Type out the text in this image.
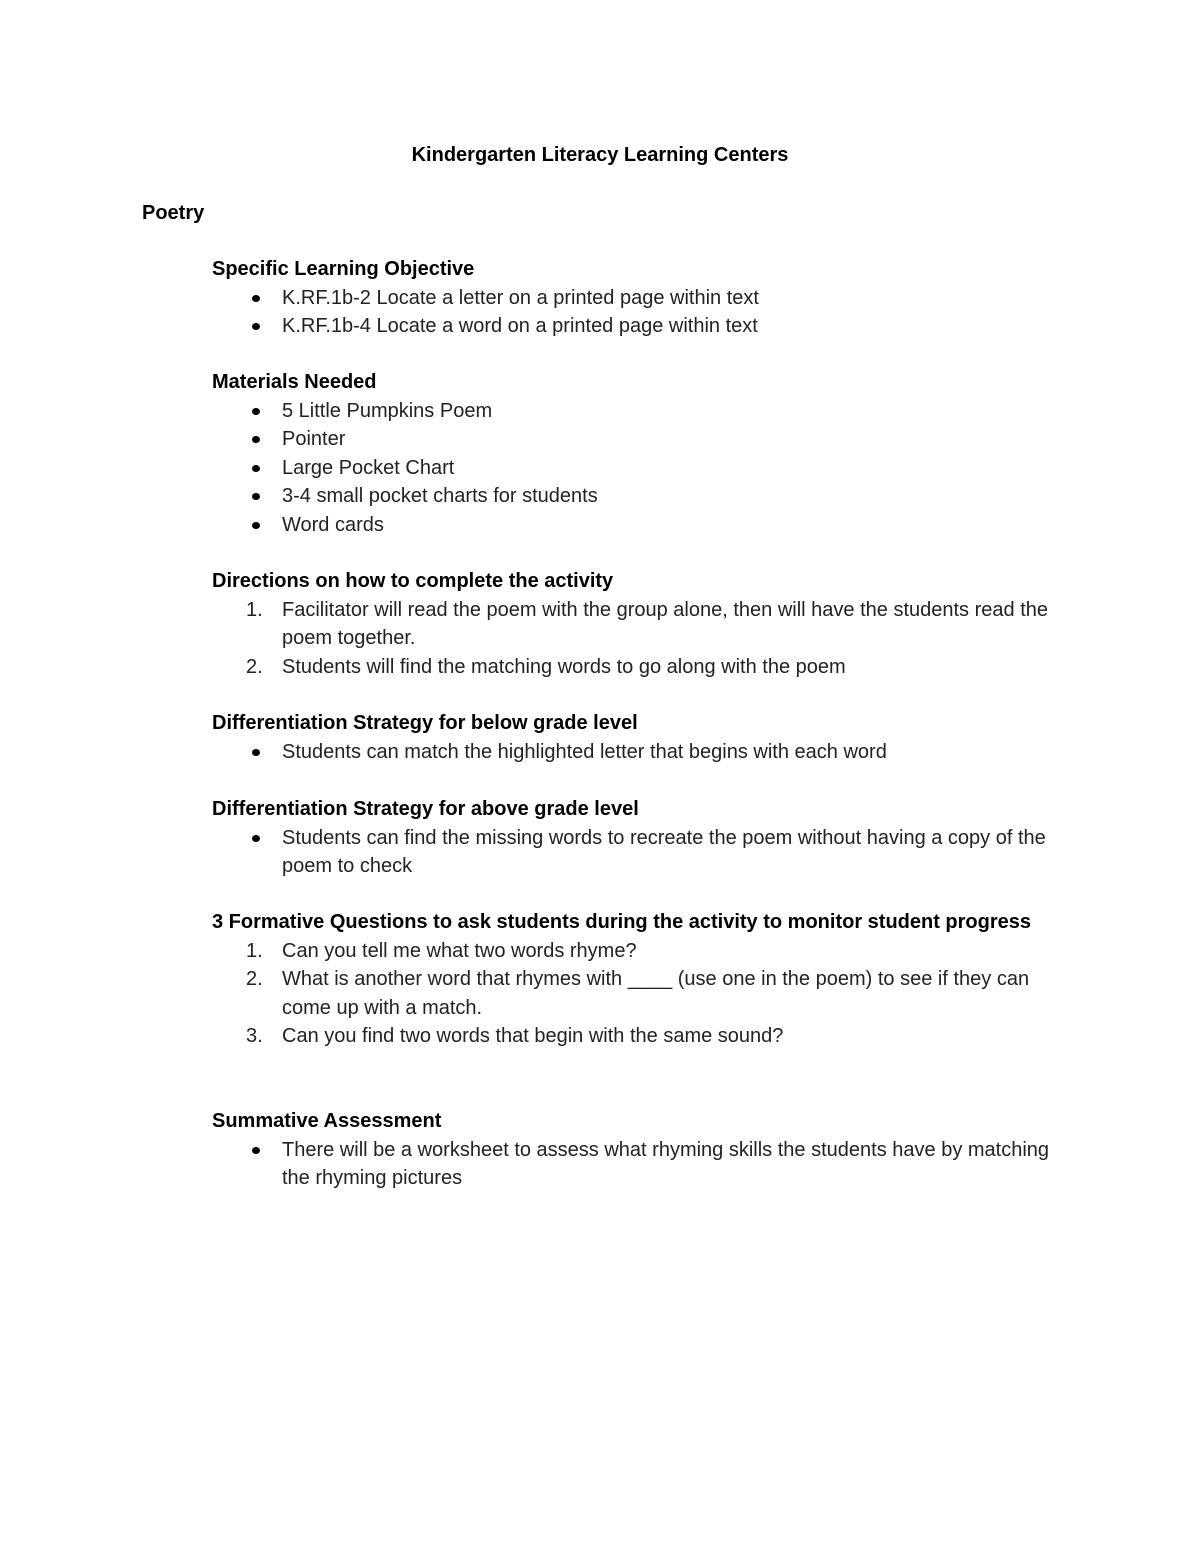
Kindergarten Literacy Learning Centers
Poetry
Specific Learning Objective
K.RF.1b-2 Locate a letter on a printed page within text
K.RF.1b-4 Locate a word on a printed page within text
Materials Needed
5 Little Pumpkins Poem
Pointer
Large Pocket Chart
3-4 small pocket charts for students
Word cards
Directions on how to complete the activity
1. Facilitator will read the poem with the group alone, then will have the students read the poem together.
2. Students will find the matching words to go along with the poem
Differentiation Strategy for below grade level
Students can match the highlighted letter that begins with each word
Differentiation Strategy for above grade level
Students can find the missing words to recreate the poem without having a copy of the poem to check
3 Formative Questions to ask students during the activity to monitor student progress
1. Can you tell me what two words rhyme?
2. What is another word that rhymes with ____ (use one in the poem) to see if they can come up with a match.
3. Can you find two words that begin with the same sound?
Summative Assessment
There will be a worksheet to assess what rhyming skills the students have by matching the rhyming pictures
